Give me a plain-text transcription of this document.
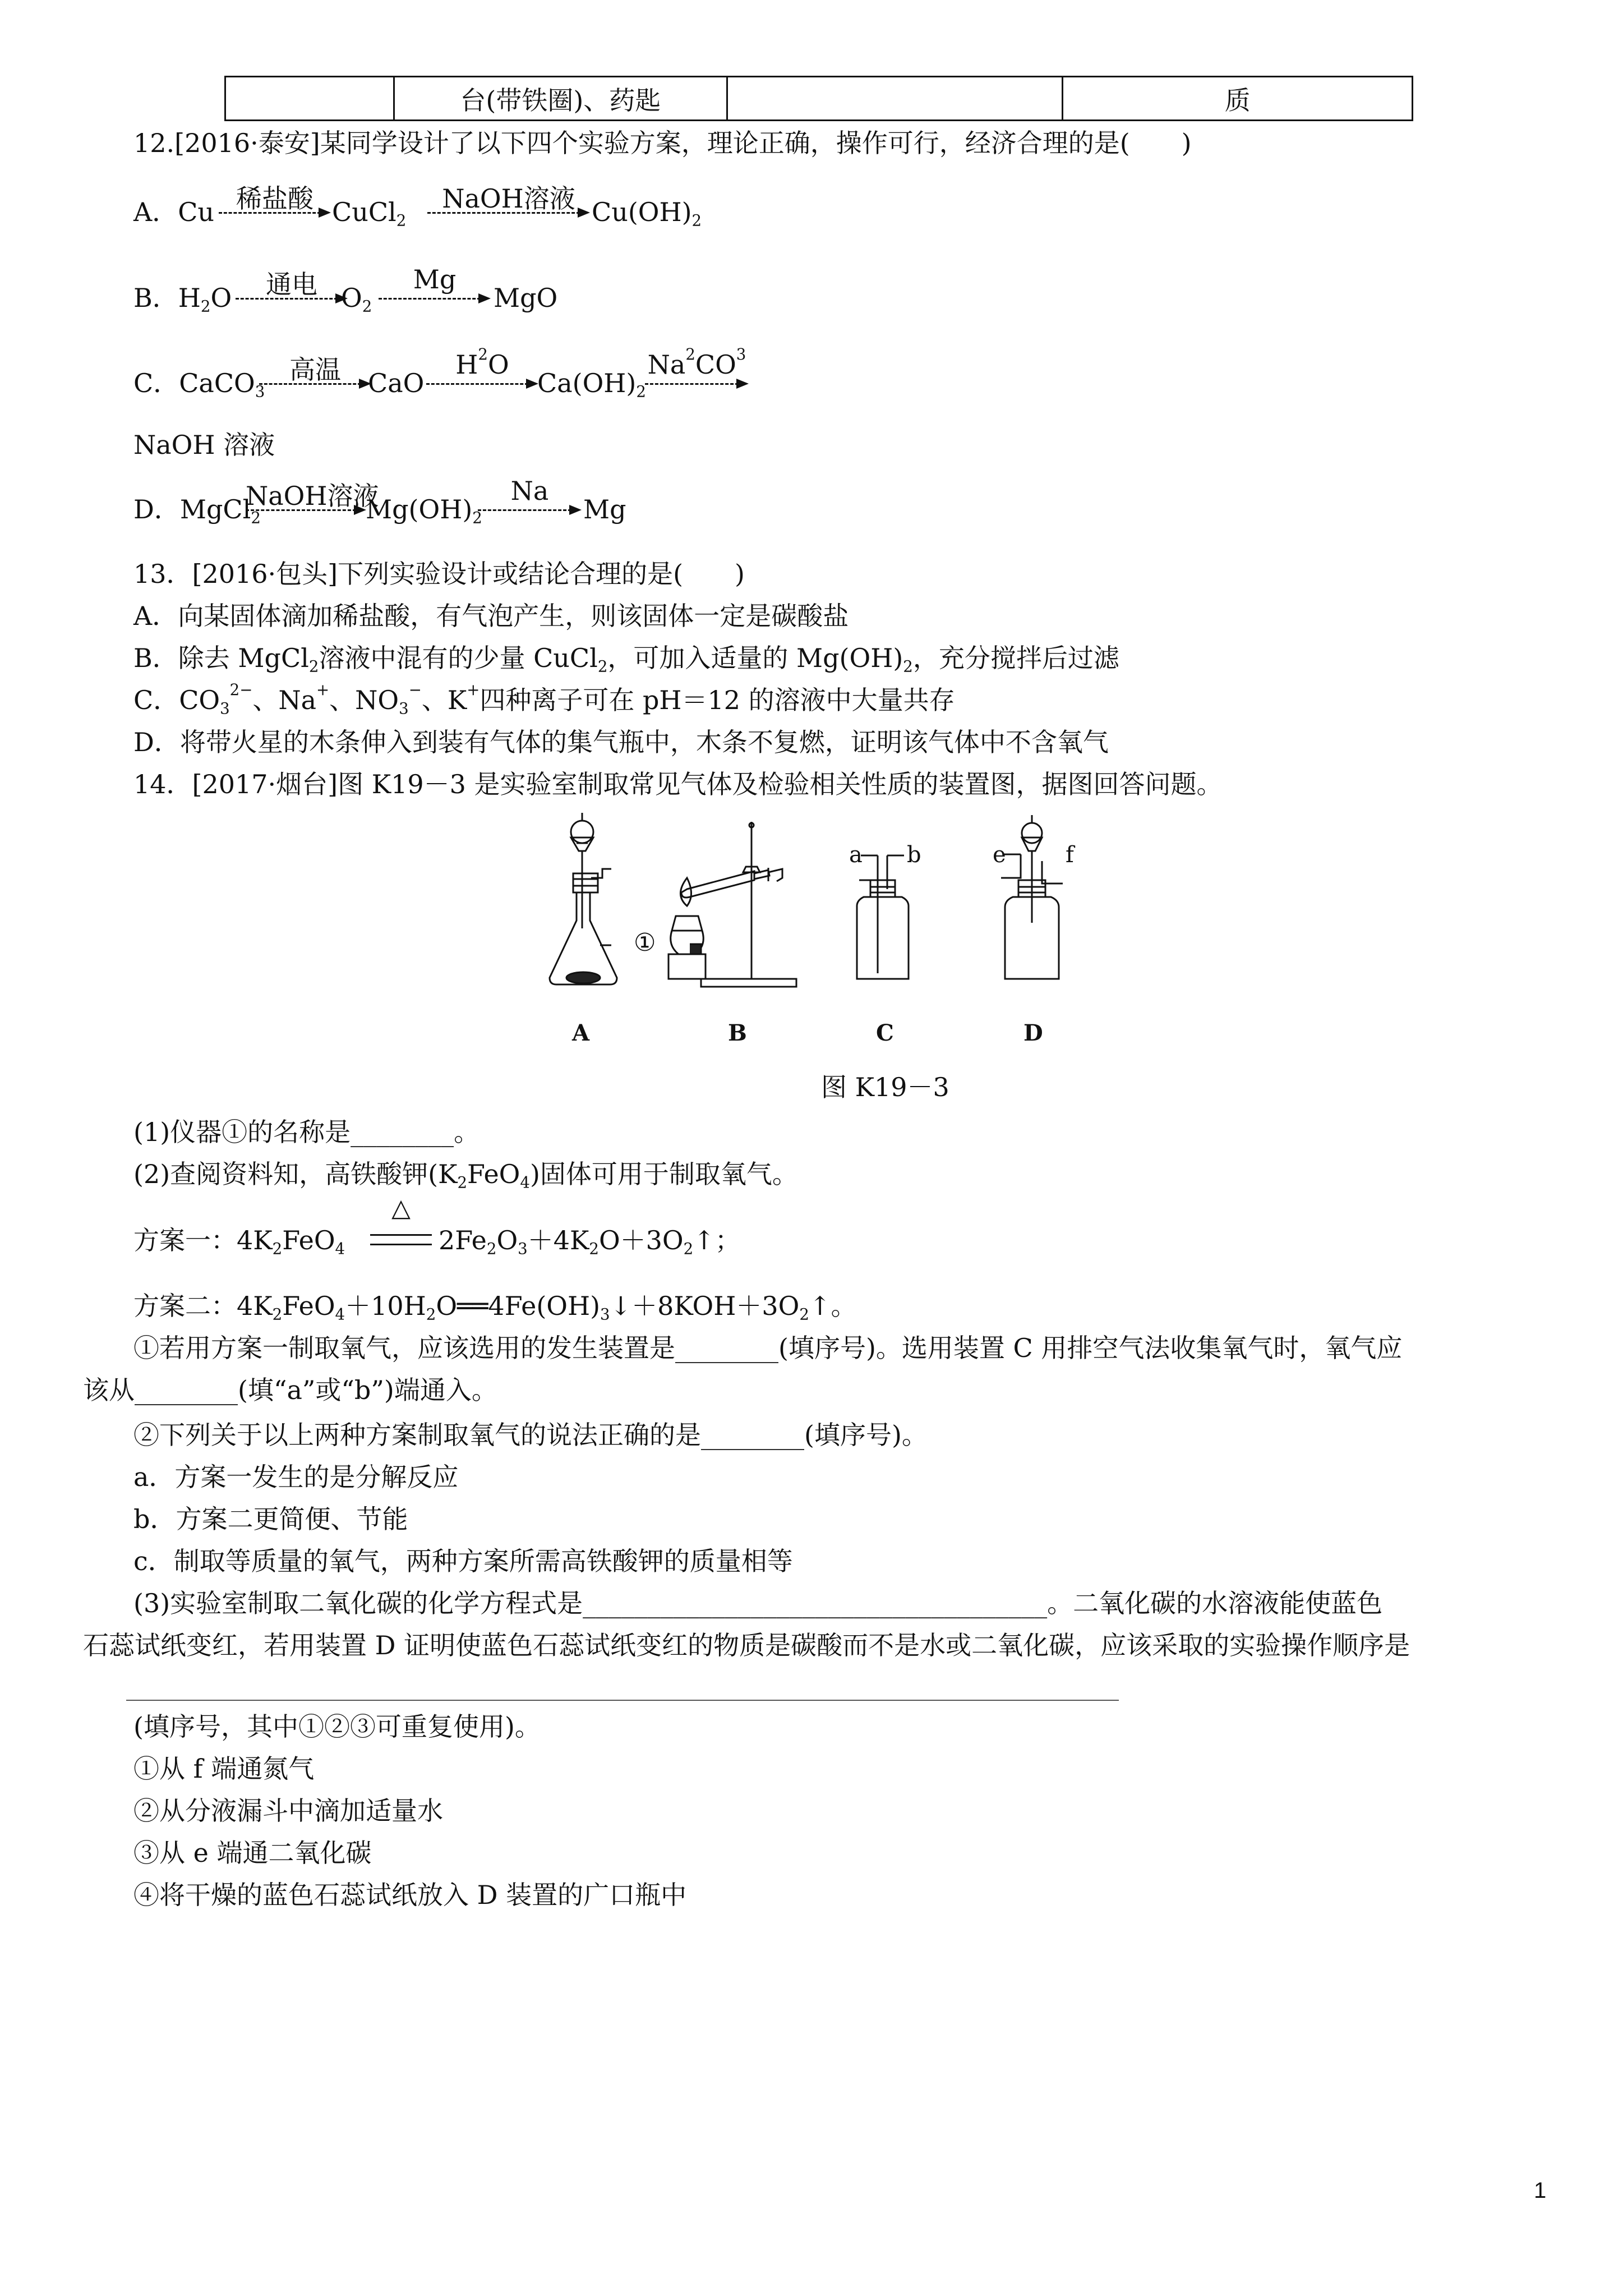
	台(带铁圈)、药匙		质
12.[2016·泰安]某同学设计了以下四个实验方案，理论正确，操作可行，经济合理的是(　　)
A．Cu 稀盐酸 CuCl$_2$
NaOH溶液 $Cu(OH)_2$
B．$H_2O$	通电 $O_2$
Mg
MgO
C．CaCO$_3$
高温	CaO
$H^2O$
$Ca(OH)_2$
$Na^2CO^3$
NaOH 溶液
D．MgCl$_2$
NaOH溶液
$Mg(OH)_2$
Na
Mg
13．[2016·包头]下列实验设计或结论合理的是(　　)
A．向某固体滴加稀盐酸，有气泡产生，则该固体一定是碳酸盐
B．除去 MgCl$_2$溶液中混有的少量 CuCl$_2$，可加入适量的 $Mg(OH)_2$，充分搅拌后过滤
C．$CO_3^{2-}$、Na+、$NO_3^-$、K+四种离子可在 pH＝12 的溶液中大量共存
D．将带火星的木条伸入到装有气体的集气瓶中，木条不复燃，证明该气体中不含氧气
14．[2017·烟台]图 K19－3 是实验室制取常见气体及检验相关性质的装置图，据图回答问题。
①
a b	e	f
A	B	C	D
图 K19－3
(1)仪器①的名称是________。
(2)查阅资料知，高铁酸钾$(K_2FeO_4)$固体可用于制取氧气。
方案一：$4K_2FeO_4$
△
$2Fe_2O_3+4K_2O+3O_2↑$；
方案二：$4K_2FeO_4+10H_2O══4Fe(OH)_3↓+8KOH+3O_2↑$。
①若用方案一制取氧气，应该选用的发生装置是________(填序号)。选用装置 C 用排空气法收集氧气时，氧气应
该从________(填“a”或“b”)端通入。
②下列关于以上两种方案制取氧气的说法正确的是________(填序号)。
a．方案一发生的是分解反应
b．方案二更简便、节能
c．制取等质量的氧气，两种方案所需高铁酸钾的质量相等
(3)实验室制取二氧化碳的化学方程式是____________________________________。二氧化碳的水溶液能使蓝色
石蕊试纸变红，若用装置 D 证明使蓝色石蕊试纸变红的物质是碳酸而不是水或二氧化碳，应该采取的实验操作顺序是
(填序号，其中①②③可重复使用)。
①从 f 端通氮气
②从分液漏斗中滴加适量水
③从 e 端通二氧化碳
④将干燥的蓝色石蕊试纸放入 D 装置的广口瓶中
1
